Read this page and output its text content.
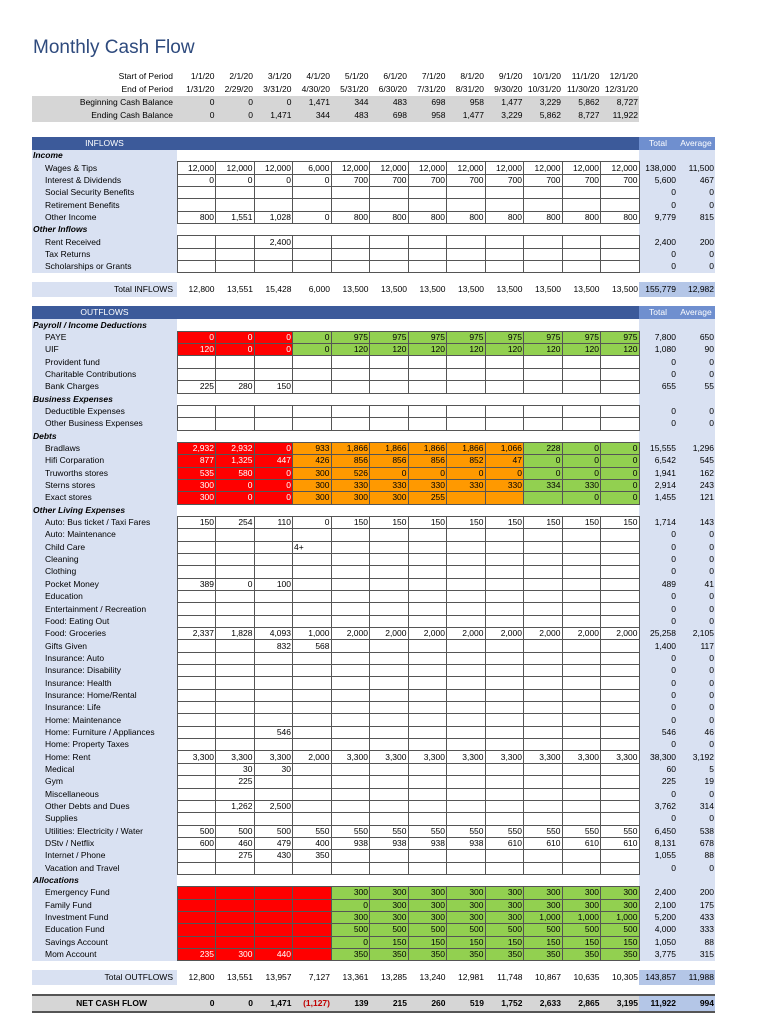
Monthly Cash Flow
Start of Period	1/1/20	2/1/20	3/1/20	4/1/20	5/1/20	6/1/20	7/1/20	8/1/20	9/1/20	10/1/20	11/1/20	12/1/20
End of Period	1/31/20	2/29/20	3/31/20	4/30/20	5/31/20	6/30/20	7/31/20	8/31/20	9/30/20	10/31/20	11/30/20	12/31/20
Beginning Cash Balance	0	0	0	1,471	344	483	698	958	1,477	3,229	5,862	8,727
Ending Cash Balance	0	0	1,471	344	483	698	958	1,477	3,229	5,862	8,727	11,922
INFLOWS													Total	Average
Income														
Wages & Tips	12,000	12,000	12,000	6,000	12,000	12,000	12,000	12,000	12,000	12,000	12,000	12,000	138,000	11,500
Interest & Dividends	0	0	0	0	700	700	700	700	700	700	700	700	5,600	467
Social Security Benefits													0	0
Retirement Benefits													0	0
Other Income	800	1,551	1,028	0	800	800	800	800	800	800	800	800	9,779	815
Other Inflows														
Rent Received			2,400										2,400	200
Tax Returns													0	0
Scholarships or Grants													0	0

Total INFLOWS	12,800	13,551	15,428	6,000	13,500	13,500	13,500	13,500	13,500	13,500	13,500	13,500	155,779	12,982

OUTFLOWS													Total	Average
Payroll / Income Deductions														
PAYE	0	0	0	0	975	975	975	975	975	975	975	975	7,800	650
UIF	120	0	0	0	120	120	120	120	120	120	120	120	1,080	90
Provident fund													0	0
Charitable Contributions													0	0
Bank Charges	225	280	150										655	55
Business Expenses														
Deductible Expenses													0	0
Other Business Expenses													0	0
Debts														
Bradlaws	2,932	2,932	0	933	1,866	1,866	1,866	1,866	1,066	228	0	0	15,555	1,296
Hifi Corparation	877	1,325	447	426	856	856	856	852	47	0	0	0	6,542	545
Truworths stores	535	580	0	300	526	0	0	0	0	0	0	0	1,941	162
Sterns stores	300	0	0	300	330	330	330	330	330	334	330	0	2,914	243
Exact stores	300	0	0	300	300	300	255				0	0	1,455	121
Other Living Expenses														
Auto: Bus ticket / Taxi Fares	150	254	110	0	150	150	150	150	150	150	150	150	1,714	143
Auto: Maintenance													0	0
Child Care				4+									0	0
Cleaning													0	0
Clothing													0	0
Pocket Money	389	0	100										489	41
Education													0	0
Entertainment / Recreation													0	0
Food: Eating Out													0	0
Food: Groceries	2,337	1,828	4,093	1,000	2,000	2,000	2,000	2,000	2,000	2,000	2,000	2,000	25,258	2,105
Gifts Given			832	568									1,400	117
Insurance: Auto													0	0
Insurance: Disability													0	0
Insurance: Health													0	0
Insurance: Home/Rental													0	0
Insurance: Life													0	0
Home: Maintenance													0	0
Home: Furniture / Appliances			546										546	46
Home: Property Taxes													0	0
Home: Rent	3,300	3,300	3,300	2,000	3,300	3,300	3,300	3,300	3,300	3,300	3,300	3,300	38,300	3,192
Medical		30	30										60	5
Gym		225											225	19
Miscellaneous													0	0
Other Debts and Dues		1,262	2,500										3,762	314
Supplies													0	0
Utilities: Electricity / Water	500	500	500	550	550	550	550	550	550	550	550	550	6,450	538
DStv / Netflix	600	460	479	400	938	938	938	938	610	610	610	610	8,131	678
Internet / Phone		275	430	350									1,055	88
Vacation and Travel													0	0
Allocations														
Emergency Fund					300	300	300	300	300	300	300	300	2,400	200
Family Fund					0	300	300	300	300	300	300	300	2,100	175
Investment Fund					300	300	300	300	300	1,000	1,000	1,000	5,200	433
Education Fund					500	500	500	500	500	500	500	500	4,000	333
Savings Account					0	150	150	150	150	150	150	150	1,050	88
Mom Account	235	300	440		350	350	350	350	350	350	350	350	3,775	315

Total OUTFLOWS	12,800	13,551	13,957	7,127	13,361	13,285	13,240	12,981	11,748	10,867	10,635	10,305	143,857	11,988

NET CASH FLOW	0	0	1,471	(1,127)	139	215	260	519	1,752	2,633	2,865	3,195	11,922	994
